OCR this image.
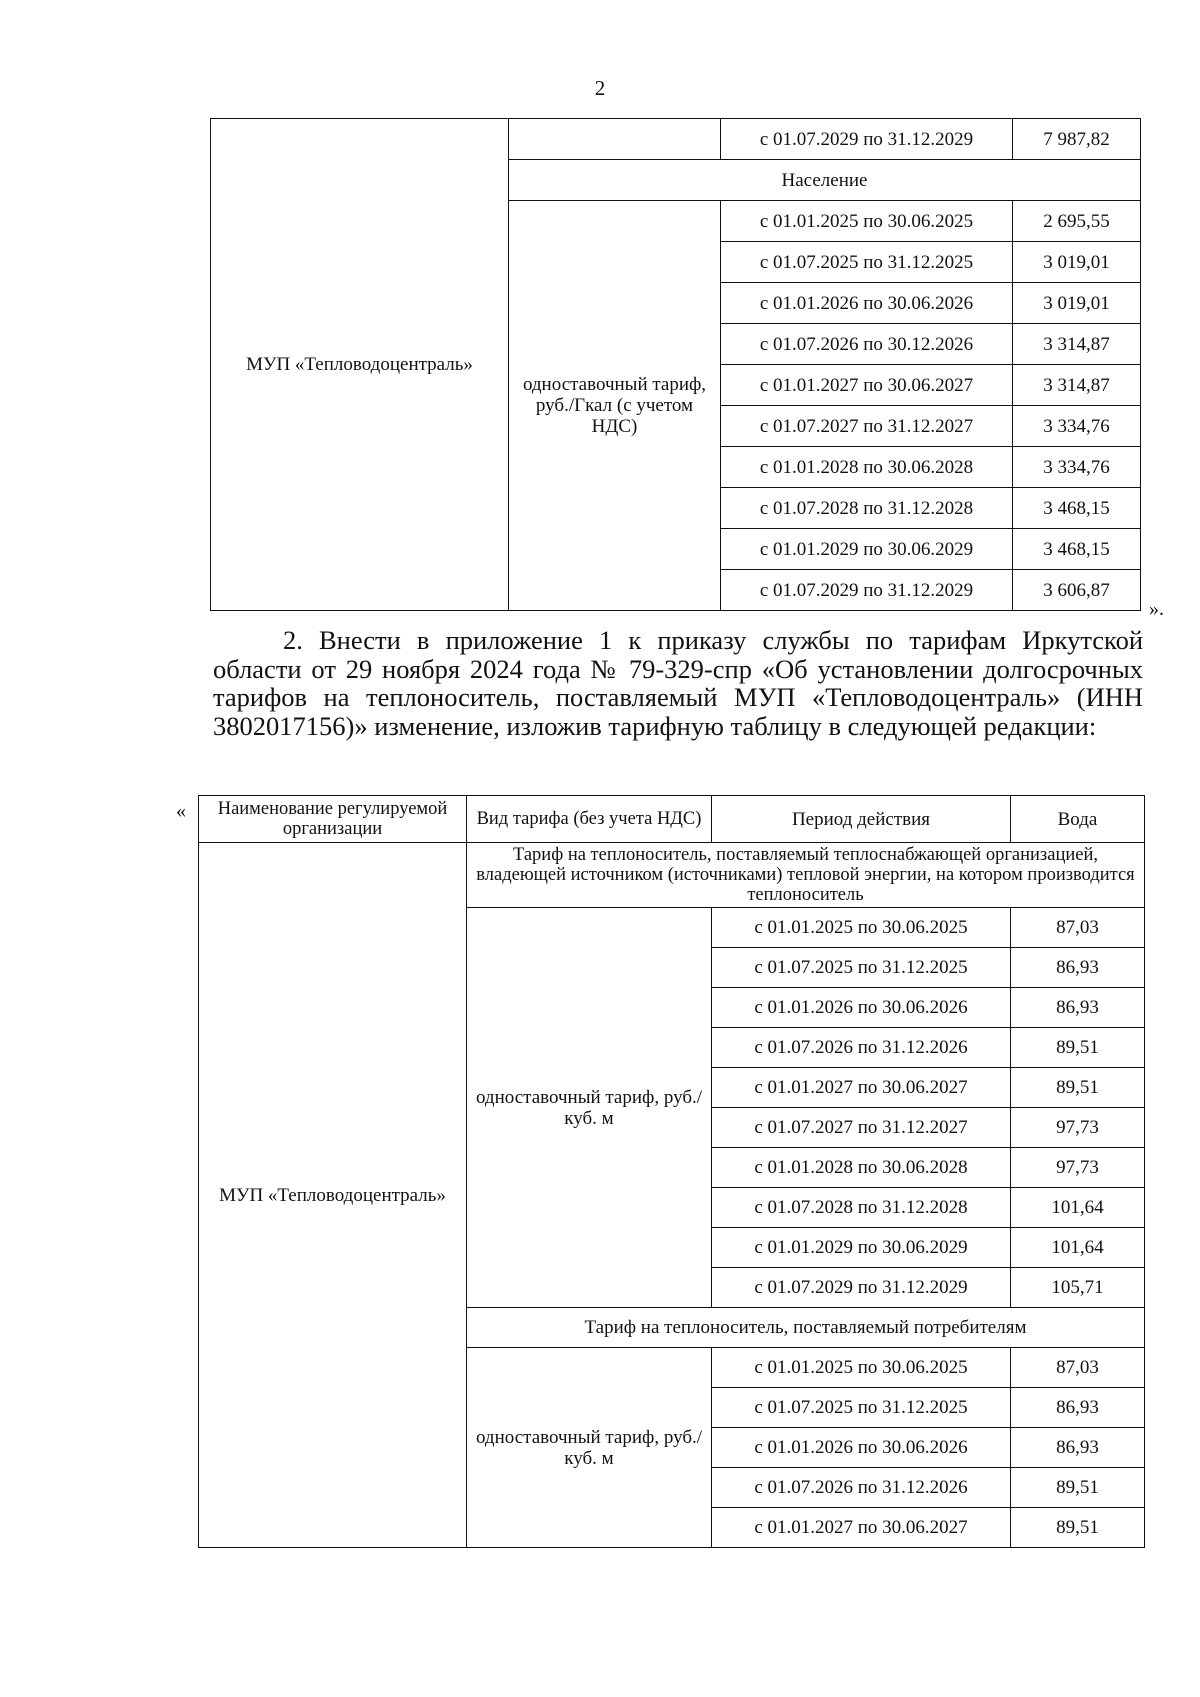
2
МУП «Тепловодоцентраль»		с 01.07.2029 по 31.12.2029	7 987,82
	Население		
	одноставочный тариф, руб./Гкал (с учетом НДС)	с 01.01.2025 по 30.06.2025	2 695,55
		с 01.07.2025 по 31.12.2025	3 019,01
		с 01.01.2026 по 30.06.2026	3 019,01
		с 01.07.2026 по 30.12.2026	3 314,87
		с 01.01.2027 по 30.06.2027	3 314,87
		с 01.07.2027 по 31.12.2027	3 334,76
		с 01.01.2028 по 30.06.2028	3 334,76
		с 01.07.2028 по 31.12.2028	3 468,15
		с 01.01.2029 по 30.06.2029	3 468,15
		с 01.07.2029 по 31.12.2029	3 606,87
».

2. Внести в приложение 1 к приказу службы по тарифам Иркутской области от 29 ноября 2024 года № 79-329-спр «Об установлении долгосрочных тарифов на теплоноситель, поставляемый МУП «Тепловодоцентраль» (ИНН 3802017156)» изменение, изложив тарифную таблицу в следующей редакции:

« Наименование регулируемой организации	Вид тарифа (без учета НДС)	Период действия	Вода
МУП «Тепловодоцентраль»	Тариф на теплоноситель, поставляемый теплоснабжающей организацией, владеющей источником (источниками) тепловой энергии, на котором производится теплоноситель		
	одноставочный тариф, руб./куб. м	с 01.01.2025 по 30.06.2025	87,03
		с 01.07.2025 по 31.12.2025	86,93
		с 01.01.2026 по 30.06.2026	86,93
		с 01.07.2026 по 31.12.2026	89,51
		с 01.01.2027 по 30.06.2027	89,51
		с 01.07.2027 по 31.12.2027	97,73
		с 01.01.2028 по 30.06.2028	97,73
		с 01.07.2028 по 31.12.2028	101,64
		с 01.01.2029 по 30.06.2029	101,64
		с 01.07.2029 по 31.12.2029	105,71
	Тариф на теплоноситель, поставляемый потребителям		
	одноставочный тариф, руб./куб. м	с 01.01.2025 по 30.06.2025	87,03
		с 01.07.2025 по 31.12.2025	86,93
		с 01.01.2026 по 30.06.2026	86,93
		с 01.07.2026 по 31.12.2026	89,51
		с 01.01.2027 по 30.06.2027	89,51
